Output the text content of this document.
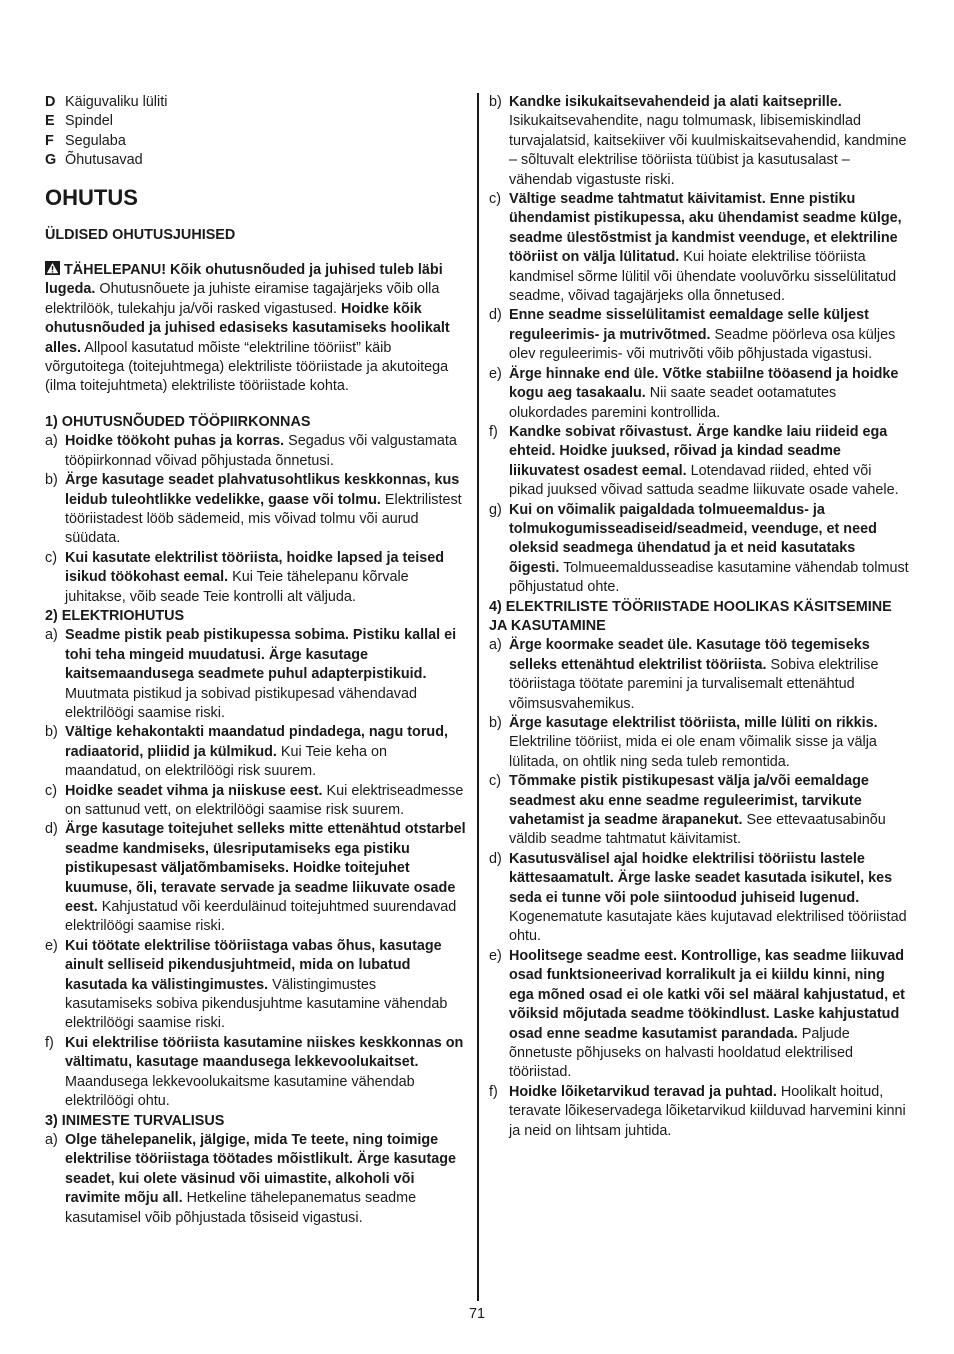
D Käiguvaliku lüliti
E Spindel
F Segulaba
G Õhutusavad
OHUTUS
ÜLDISED OHUTUSJUHISED
TÄHELEPANU! Kõik ohutusnõuded ja juhised tuleb läbi lugeda. Ohutusnõuete ja juhiste eiramise tagajärjeks võib olla elektrilöök, tulekahju ja/või rasked vigastused. Hoidke kõik ohutusnõuded ja juhised edasiseks kasutamiseks hoolikalt alles. Allpool kasutatud mõiste “elektriline tööriist” käib võrgutoitega (toitejuhtmega) elektriliste tööriistade ja akutoitega (ilma toitejuhtmeta) elektriliste tööriistade kohta.
1) OHUTUSNÕUDED TÖÖPIIRKONNAS
a) Hoidke töökoht puhas ja korras. Segadus või valgustamata tööpiirkonnad võivad põhjustada õnnetusi.
b) Ärge kasutage seadet plahvatusohtlikus keskkonnas, kus leidub tuleohtlikke vedelikke, gaase või tolmu. Elektrilistest tööriistadest lööb sädemeid, mis võivad tolmu või aurud süüdata.
c) Kui kasutate elektrilist tööriista, hoidke lapsed ja teised isikud töökohast eemal. Kui Teie tähelepanu kõrvale juhitakse, võib seade Teie kontrolli alt väljuda.
2) ELEKTRIOHUTUS
a) Seadme pistik peab pistikupessa sobima. Pistiku kallal ei tohi teha mingeid muudatusi. Ärge kasutage kaitsemaandusega seadmete puhul adapterpistikuid. Muutmata pistikud ja sobivad pistikupesad vähendavad elektrilöögi saamise riski.
b) Vältige kehakontakti maandatud pindadega, nagu torud, radiaatorid, pliidid ja külmikud. Kui Teie keha on maandatud, on elektrilöögi risk suurem.
c) Hoidke seadet vihma ja niiskuse eest. Kui elektriseadmesse on sattunud vett, on elektrilöögi saamise risk suurem.
d) Ärge kasutage toitejuhet selleks mitte ettenähtud otstarbel seadme kandmiseks, ülesriputamiseks ega pistiku pistikupesast väljatõmbamiseks. Hoidke toitejuhet kuumuse, õli, teravate servade ja seadme liikuvate osade eest. Kahjustatud või keerduläinud toitejuhtmed suurendavad elektrilöögi saamise riski.
e) Kui töötate elektrilise tööriistaga vabas õhus, kasutage ainult selliseid pikendusjuhtmeid, mida on lubatud kasutada ka välistingimustes. Välistingimustes kasutamiseks sobiva pikendusjuhtme kasutamine vähendab elektrilöögi saamise riski.
f) Kui elektrilise tööriista kasutamine niiskes keskkonnas on vältimatu, kasutage maandusega lekkevoolukaitset. Maandusega lekkevoolukaitsme kasutamine vähendab elektrilöögi ohtu.
3) INIMESTE TURVALISUS
a) Olge tähelepanelik, jälgige, mida Te teete, ning toimige elektrilise tööriistaga töötades mõistlikult. Ärge kasutage seadet, kui olete väsinud või uimastite, alkoholi või ravimite mõju all. Hetkeline tähelepanematus seadme kasutamisel võib põhjustada tõsiseid vigastusi.
b) Kandke isikukaitsevahendeid ja alati kaitseprille. Isikukaitsevahendite, nagu tolmumask, libisemiskindlad turvajalatsid, kaitsekiiver või kuulmiskaitsevahendid, kandmine – sõltuvalt elektrilise tööriista tüübist ja kasutusalast – vähendab vigastuste riski.
c) Vältige seadme tahtmatut käivitamist. Enne pistiku ühendamist pistikupessa, aku ühendamist seadme külge, seadme ülestõstmist ja kandmist veenduge, et elektriline tööriist on välja lülitatud. Kui hoiate elektrilise tööriista kandmisel sõrme lülitil või ühendate vooluvõrku sisselülitatud seadme, võivad tagajärjeks olla õnnetused.
d) Enne seadme sisselülitamist eemaldage selle küljest reguleerimis- ja mutrivõtmed. Seadme pöörleva osa küljes olev reguleerimis- või mutrivõti võib põhjustada vigastusi.
e) Ärge hinnake end üle. Võtke stabiilne tööasend ja hoidke kogu aeg tasakaalu. Nii saate seadet ootamatutes olukordades paremini kontrollida.
f) Kandke sobivat rõivastust. Ärge kandke laiu riideid ega ehteid. Hoidke juuksed, rõivad ja kindad seadme liikuvatest osadest eemal. Lotendavad riided, ehted või pikad juuksed võivad sattuda seadme liikuvate osade vahele.
g) Kui on võimalik paigaldada tolmueemaldus- ja tolmukogumisseadiseid/seadmeid, veenduge, et need oleksid seadmega ühendatud ja et neid kasutataks õigesti. Tolmueemaldusseadise kasutamine vähendab tolmust põhjustatud ohte.
4) ELEKTRILISTE TÖÖRIISTADE HOOLIKAS KÄSITSEMINE JA KASUTAMINE
a) Ärge koormake seadet üle. Kasutage töö tegemiseks selleks ettenähtud elektrilist tööriista. Sobiva elektrilise tööriistaga töötate paremini ja turvalisemalt ettenähtud võimsusvahemikus.
b) Ärge kasutage elektrilist tööriista, mille lüliti on rikkis. Elektriline tööriist, mida ei ole enam võimalik sisse ja välja lülitada, on ohtlik ning seda tuleb remontida.
c) Tõmmake pistik pistikupesast välja ja/või eemaldage seadmest aku enne seadme reguleerimist, tarvikute vahetamist ja seadme ärapanekut. See ettevaatusabinõu väldib seadme tahtmatut käivitamist.
d) Kasutusvälisel ajal hoidke elektrilisi tööriistu lastele kättesaamatult. Ärge laske seadet kasutada isikutel, kes seda ei tunne või pole siintoodud juhiseid lugenud. Kogenematute kasutajate käes kujutavad elektrilised tööriistad ohtu.
e) Hoolitsege seadme eest. Kontrollige, kas seadme liikuvad osad funktsioneerivad korralikult ja ei kiildu kinni, ning ega mõned osad ei ole katki või sel määral kahjustatud, et võiksid mõjutada seadme töökindlust. Laske kahjustatud osad enne seadme kasutamist parandada. Paljude õnnetuste põhjuseks on halvasti hooldatud elektrilised tööriistad.
f) Hoidke lõiketarvikud teravad ja puhtad. Hoolikalt hoitud, teravate lõikeservadega lõiketarvikud kiilduvad harvemini kinni ja neid on lihtsam juhtida.
71
